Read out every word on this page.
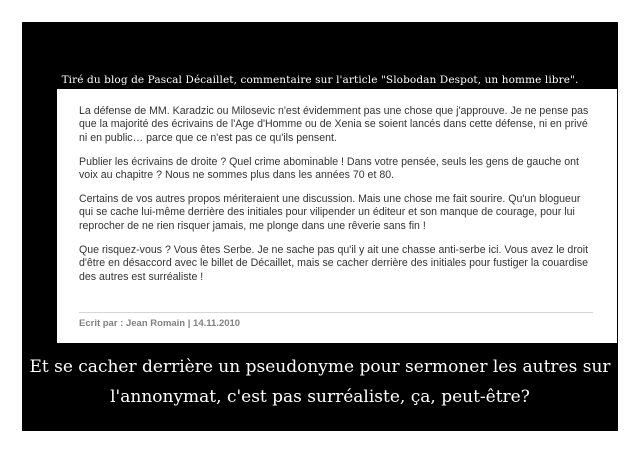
Tiré du blog de Pascal Décaillet, commentaire sur l'article "Slobodan Despot, un homme libre".

La défense de MM. Karadzic ou Milosevic n'est évidemment pas une chose que j'approuve. Je ne pense pas que la majorité des écrivains de l'Age d'Homme ou de Xenia se soient lancés dans cette défense, ni en privé ni en public… parce que ce n'est pas ce qu'ils pensent.

Publier les écrivains de droite ? Quel crime abominable ! Dans votre pensée, seuls les gens de gauche ont voix au chapitre ? Nous ne sommes plus dans les années 70 et 80.

Certains de vos autres propos mériteraient une discussion. Mais une chose me fait sourire. Qu'un blogueur qui se cache lui-même derrière des initiales pour vilipender un éditeur et son manque de courage, pour lui reprocher de ne rien risquer jamais, me plonge dans une rêverie sans fin !

Que risquez-vous ? Vous êtes Serbe. Je ne sache pas qu'il y ait une chasse anti-serbe ici. Vous avez le droit d'être en désaccord avec le billet de Décaillet, mais se cacher derrière des initiales pour fustiger la couardise des autres est surréaliste !

Ecrit par : Jean Romain | 14.11.2010
Et se cacher derrière un pseudonyme pour sermoner les autres sur
l'annonymat, c'est pas surréaliste, ça, peut-être?
